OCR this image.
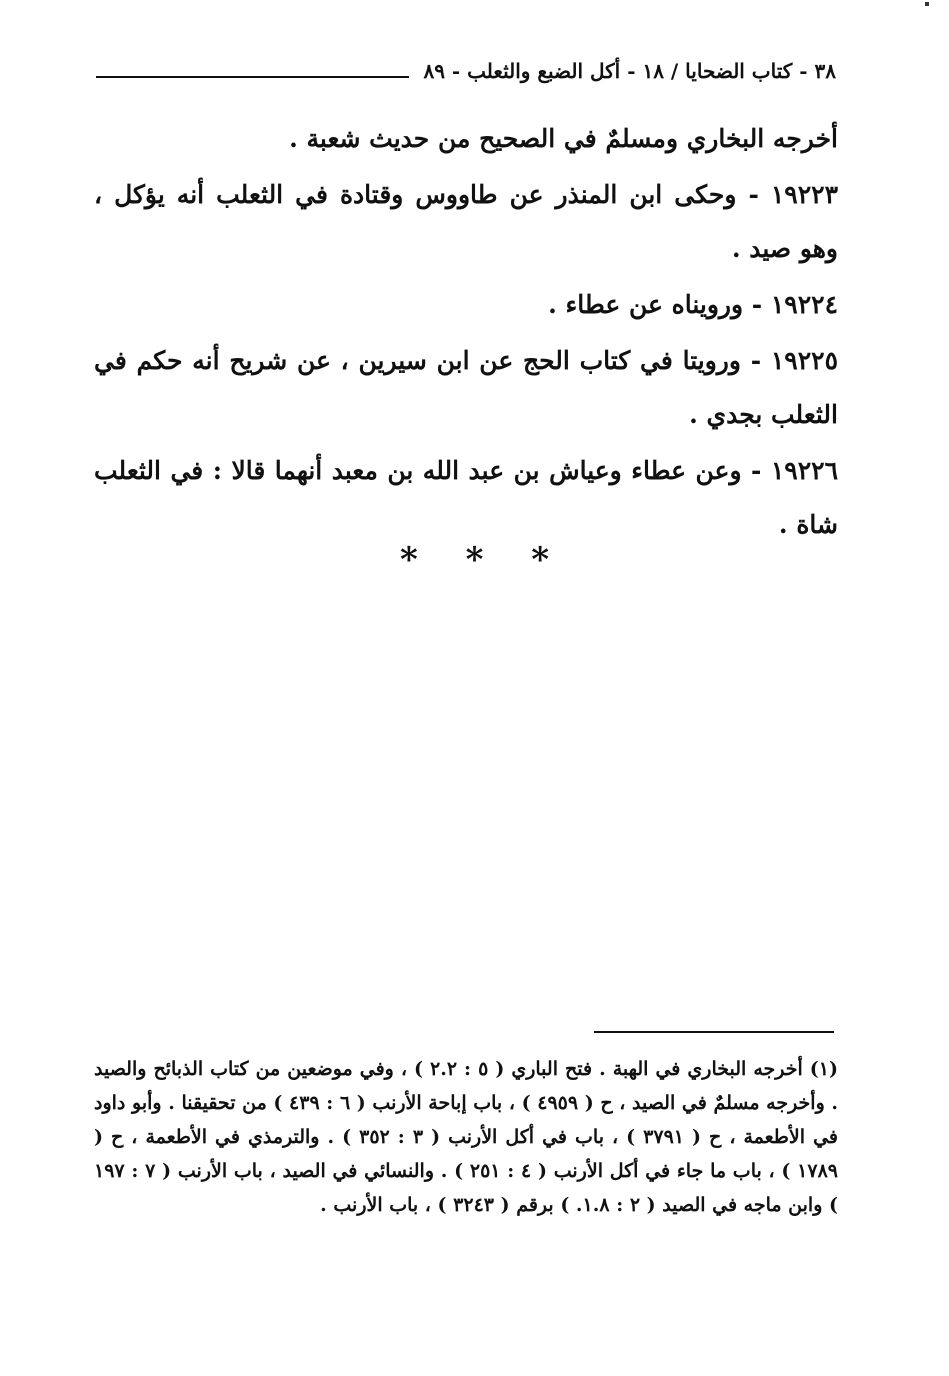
٣٨ - كتاب الضحايا / ١٨ - أكل الضبع والثعلب - ٨٩

أخرجه البخاري ومسلمٌ في الصحيح من حديث شعبة .

١٩٢٢٣ - وحكى ابن المنذر عن طاووس وقتادة في الثعلب أنه يؤكل ، وهو صيد .

١٩٢٢٤ - ورويناه عن عطاء .

١٩٢٢٥ - ورويتا في كتاب الحج عن ابن سيرين ، عن شريح أنه حكم في الثعلب بجدي .

١٩٢٢٦ - وعن عطاء وعياش بن عبد الله بن معبد أنهما قالا : في الثعلب شاة .

* * *
(١) أخرجه البخاري في الهبة . فتح الباري ( ٥ : ٢.٢ ) ، وفي موضعين من كتاب الذبائح والصيد . وأخرجه مسلمٌ في الصيد ، ح ( ٤٩٥٩ ) ، باب إباحة الأرنب ( ٦ : ٤٣٩ ) من تحقيقنا . وأبو داود في الأطعمة ، ح ( ٣٧٩١ ) ، باب في أكل الأرنب ( ٣ : ٣٥٢ ) . والترمذي في الأطعمة ، ح ( ١٧٨٩ ) ، باب ما جاء في أكل الأرنب ( ٤ : ٢٥١ ) . والنسائي في الصيد ، باب الأرنب ( ٧ : ١٩٧ ) وابن ماجه في الصيد ( ٢ : ١.٨. ) برقم ( ٣٢٤٣ ) ، باب الأرنب .
